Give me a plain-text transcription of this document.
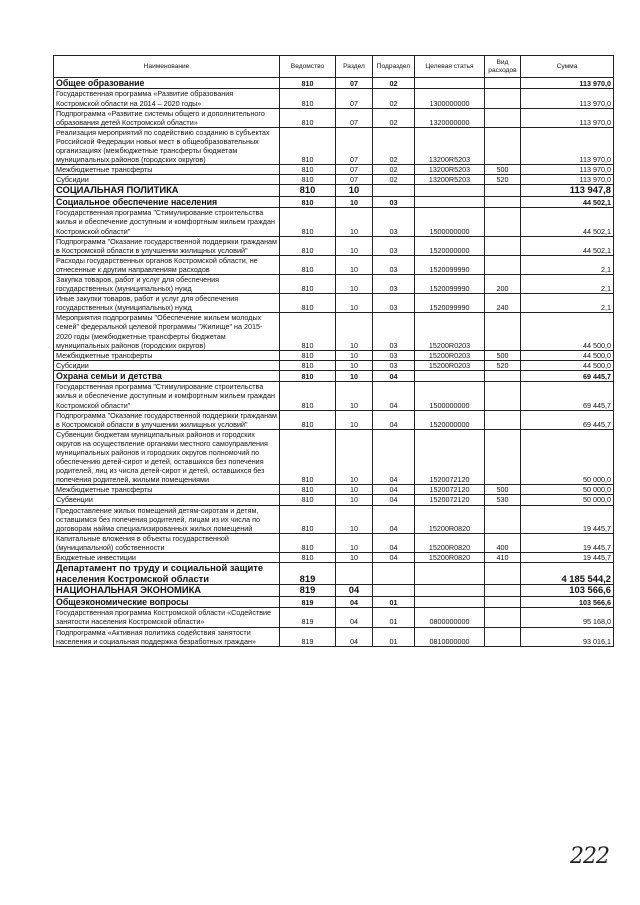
Наименование	Ведомство	Раздел	Подраздел	Целевая статья	Вид расходов	Сумма
Общее образование	810	07	02			113 970,0
Государственная программа «Развитие образования Костромской области на 2014 – 2020 годы»	810	07	02	1300000000		113 970,0
Подпрограмма «Развитие системы общего и дополнительного образования детей Костромской области»	810	07	02	1320000000		113 970,0
Реализация мероприятий по содействию созданию в субъектах Российской Федерации новых мест в общеобразовательных организациях (межбюджетные трансферты бюджетам муниципальных районов (городских округов)	810	07	02	13200R5203		113 970,0
Межбюджетные трансферты	810	07	02	13200R5203	500	113 970,0
Субсидии	810	07	02	13200R5203	520	113 970,0
СОЦИАЛЬНАЯ ПОЛИТИКА	810	10				113 947,8
Социальное обеспечение населения	810	10	03			44 502,1
Государственная программа "Стимулирование строительства жилья и обеспечение доступным и комфортным жильем граждан Костромской области"	810	10	03	1500000000		44 502,1
Подпрограмма "Оказание государственной поддержки гражданам в Костромской области в улучшении жилищных условий"	810	10	03	1520000000		44 502,1
Расходы государственных органов Костромской области, не отнесенные к другим направлениям расходов	810	10	03	1520099990		2,1
Закупка товаров, работ и услуг для обеспечения государственных (муниципальных) нужд	810	10	03	1520099990	200	2,1
Иные закупки товаров, работ и услуг для обеспечения государственных (муниципальных) нужд	810	10	03	1520099990	240	2,1
Мероприятия подпрограммы "Обеспечение жильем молодых семей" федеральной целевой программы "Жилище" на 2015-2020 годы (межбюджетные трансферты бюджетам муниципальных районов (городских округов)	810	10	03	15200R0203		44 500,0
Межбюджетные трансферты	810	10	03	15200R0203	500	44 500,0
Субсидии	810	10	03	15200R0203	520	44 500,0
Охрана семьи и детства	810	10	04			69 445,7
Государственная программа "Стимулирование строительства жилья и обеспечение доступным и комфортным жильем граждан Костромской области"	810	10	04	1500000000		69 445,7
Подпрограмма "Оказание государственной поддержки гражданам в Костромской области в улучшении жилищных условий"	810	10	04	1520000000		69 445,7
Субвенции бюджетам муниципальных районов и городских округов на осуществление органами местного самоуправления муниципальных районов и городских округов полномочий по обеспечению детей-сирот и детей, оставшихся без попечения родителей, лиц из числа детей-сирот и детей, оставшихся без попечения родителей, жилыми помещениями	810	10	04	1520072120		50 000,0
Межбюджетные трансферты	810	10	04	1520072120	500	50 000,0
Субвенции	810	10	04	1520072120	530	50 000,0
Предоставление жилых помещений детям-сиротам и детям, оставшимся без попечения родителей, лицам из их числа по договорам найма специализированных жилых помещений	810	10	04	15200R0820		19 445,7
Капитальные вложения в объекты государственной (муниципальной) собственности	810	10	04	15200R0820	400	19 445,7
Бюджетные инвестиции	810	10	04	15200R0820	410	19 445,7
Департамент по труду и социальной защите населения Костромской области	819					4 185 544,2
НАЦИОНАЛЬНАЯ ЭКОНОМИКА	819	04				103 566,6
Общеэкономические вопросы	819	04	01			103 566,6
Государственная программа Костромской области «Содействие занятости населения Костромской области»	819	04	01	0800000000		95 168,0
Подпрограмма «Активная политика содействия занятости населения и социальная поддержка безработных граждан»	819	04	01	0810000000		93 016,1
222
